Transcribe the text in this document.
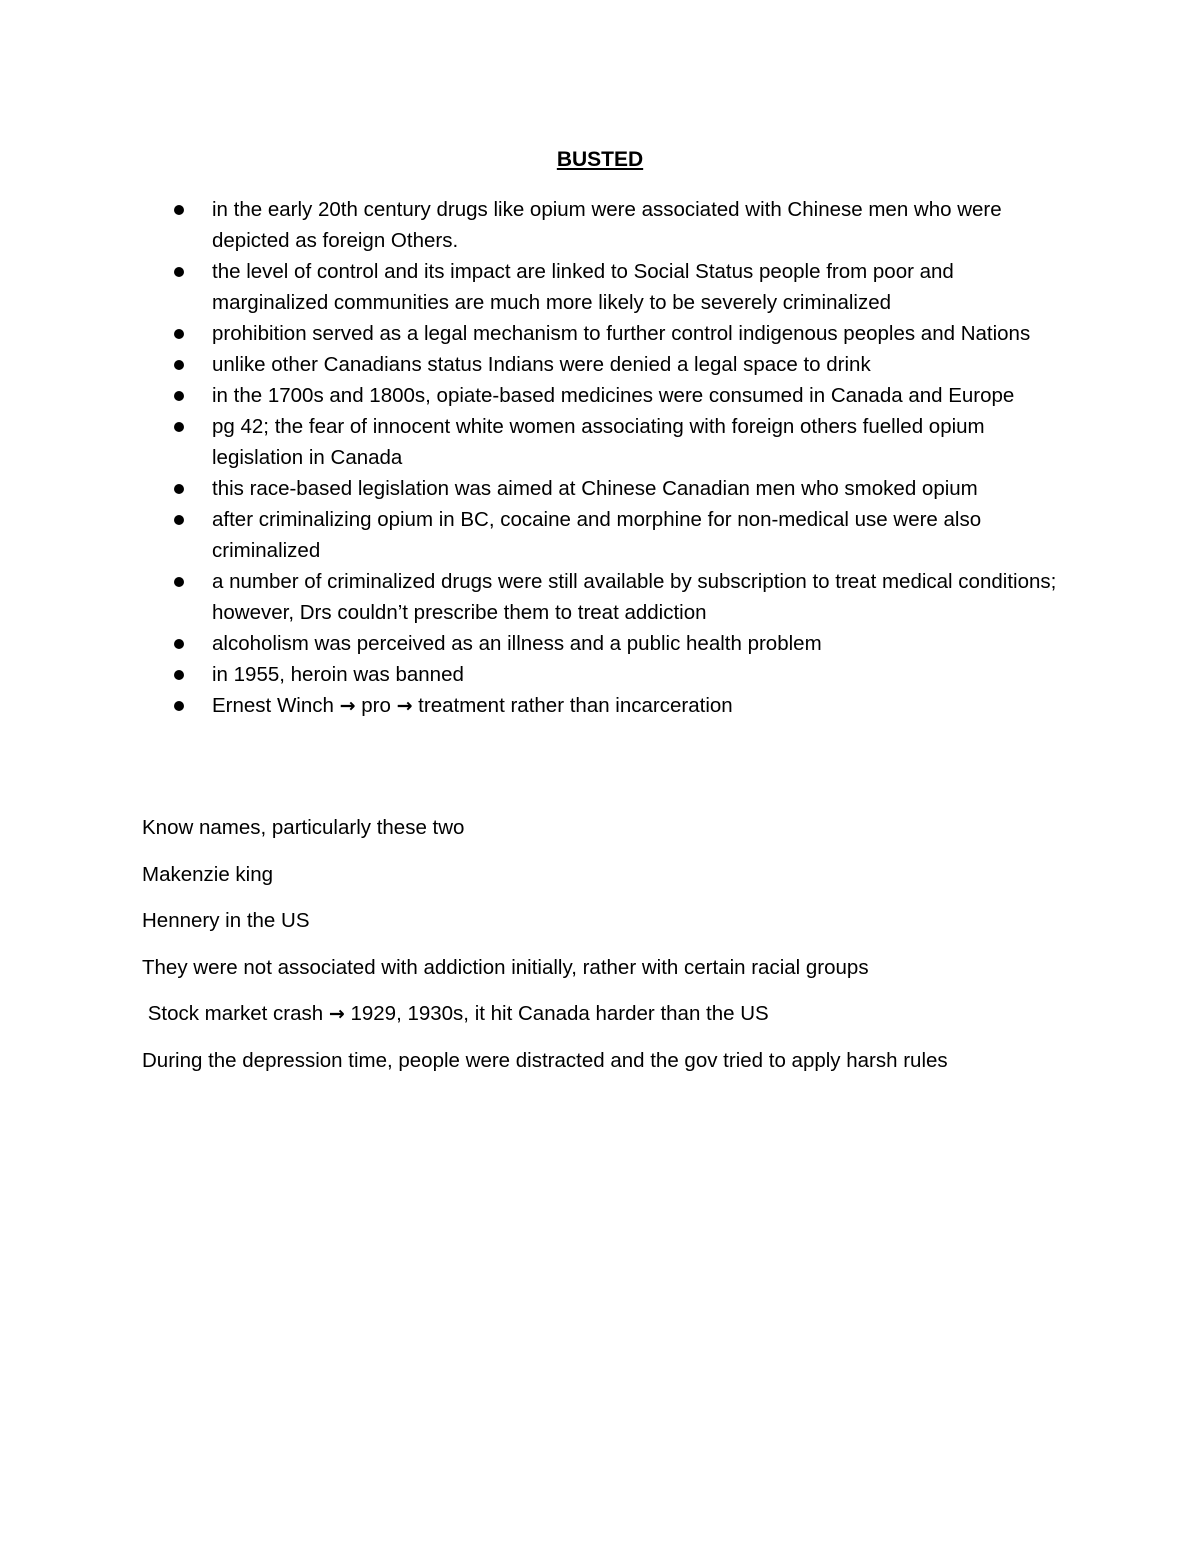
BUSTED
in the early 20th century drugs like opium were associated with Chinese men who were depicted as foreign Others.
the level of control and its impact are linked to Social Status people from poor and marginalized communities are much more likely to be severely criminalized
prohibition served as a legal mechanism to further control indigenous peoples and Nations
unlike other Canadians status Indians were denied a legal space to drink
in the 1700s and 1800s, opiate-based medicines were consumed in Canada and Europe
pg 42; the fear of innocent white women associating with foreign others fuelled opium legislation in Canada
this race-based legislation was aimed at Chinese Canadian men who smoked opium
after criminalizing opium in BC, cocaine and morphine for non-medical use were also criminalized
a number of criminalized drugs were still available by subscription to treat medical conditions; however, Drs couldn’t prescribe them to treat addiction
alcoholism was perceived as an illness and a public health problem
in 1955, heroin was banned
Ernest Winch → pro → treatment rather than incarceration

Know names, particularly these two

Makenzie king

Hennery in the US

They were not associated with addiction initially, rather with certain racial groups

Stock market crash → 1929, 1930s, it hit Canada harder than the US

During the depression time, people were distracted and the gov tried to apply harsh rules
